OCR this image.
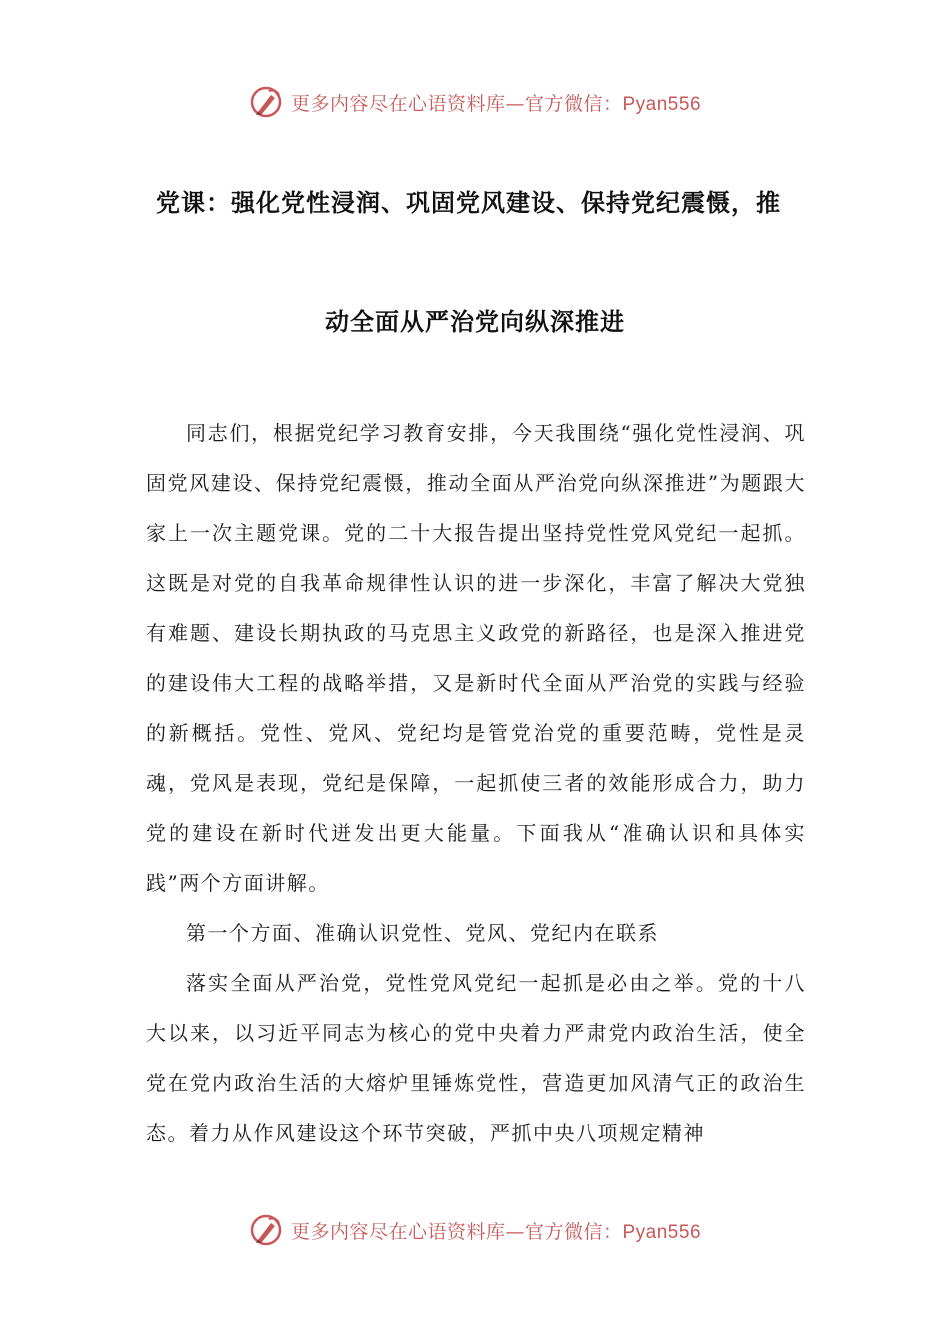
更多内容尽在心语资料库—官方微信：Pyan556
党课：强化党性浸润、巩固党风建设、保持党纪震慑，推
动全面从严治党向纵深推进

同志们，根据党纪学习教育安排，今天我围绕“强化党性浸润、巩固党风建设、保持党纪震慑，推动全面从严治党向纵深推进”为题跟大家上一次主题党课。党的二十大报告提出坚持党性党风党纪一起抓。这既是对党的自我革命规律性认识的进一步深化，丰富了解决大党独有难题、建设长期执政的马克思主义政党的新路径，也是深入推进党的建设伟大工程的战略举措，又是新时代全面从严治党的实践与经验的新概括。党性、党风、党纪均是管党治党的重要范畴，党性是灵魂，党风是表现，党纪是保障，一起抓使三者的效能形成合力，助力党的建设在新时代迸发出更大能量。下面我从“准确认识和具体实践”两个方面讲解。

第一个方面、准确认识党性、党风、党纪内在联系

落实全面从严治党，党性党风党纪一起抓是必由之举。党的十八大以来，以习近平同志为核心的党中央着力严肃党内政治生活，使全党在党内政治生活的大熔炉里锤炼党性，营造更加风清气正的政治生态。着力从作风建设这个环节突破，严抓中央八项规定精神

更多内容尽在心语资料库—官方微信：Pyan556
